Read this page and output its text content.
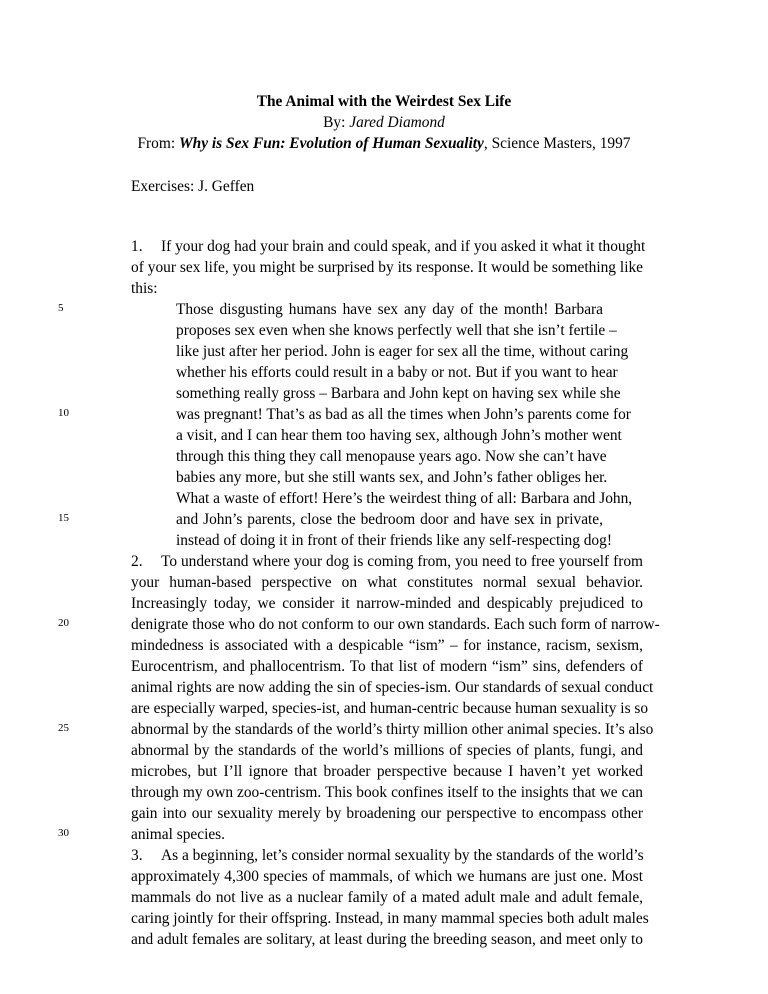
The Animal with the Weirdest Sex Life
By: Jared Diamond
From: Why is Sex Fun: Evolution of Human Sexuality, Science Masters, 1997
Exercises: J. Geffen
5
10
15
20
25
30
1. If your dog had your brain and could speak, and if you asked it what it thought
of your sex life, you might be surprised by its response. It would be something like
this:
Those disgusting humans have sex any day of the month! Barbara
proposes sex even when she knows perfectly well that she isn’t fertile –
like just after her period. John is eager for sex all the time, without caring
whether his efforts could result in a baby or not. But if you want to hear
something really gross – Barbara and John kept on having sex while she
was pregnant! That’s as bad as all the times when John’s parents come for
a visit, and I can hear them too having sex, although John’s mother went
through this thing they call menopause years ago. Now she can’t have
babies any more, but she still wants sex, and John’s father obliges her.
What a waste of effort! Here’s the weirdest thing of all: Barbara and John,
and John’s parents, close the bedroom door and have sex in private,
instead of doing it in front of their friends like any self-respecting dog!
2. To understand where your dog is coming from, you need to free yourself from
your human-based perspective on what constitutes normal sexual behavior.
Increasingly today, we consider it narrow-minded and despicably prejudiced to
denigrate those who do not conform to our own standards. Each such form of narrow-
mindedness is associated with a despicable “ism” – for instance, racism, sexism,
Eurocentrism, and phallocentrism. To that list of modern “ism” sins, defenders of
animal rights are now adding the sin of species-ism. Our standards of sexual conduct
are especially warped, species-ist, and human-centric because human sexuality is so
abnormal by the standards of the world’s thirty million other animal species. It’s also
abnormal by the standards of the world’s millions of species of plants, fungi, and
microbes, but I’ll ignore that broader perspective because I haven’t yet worked
through my own zoo-centrism. This book confines itself to the insights that we can
gain into our sexuality merely by broadening our perspective to encompass other
animal species.
3. As a beginning, let’s consider normal sexuality by the standards of the world’s
approximately 4,300 species of mammals, of which we humans are just one. Most
mammals do not live as a nuclear family of a mated adult male and adult female,
caring jointly for their offspring. Instead, in many mammal species both adult males
and adult females are solitary, at least during the breeding season, and meet only to
